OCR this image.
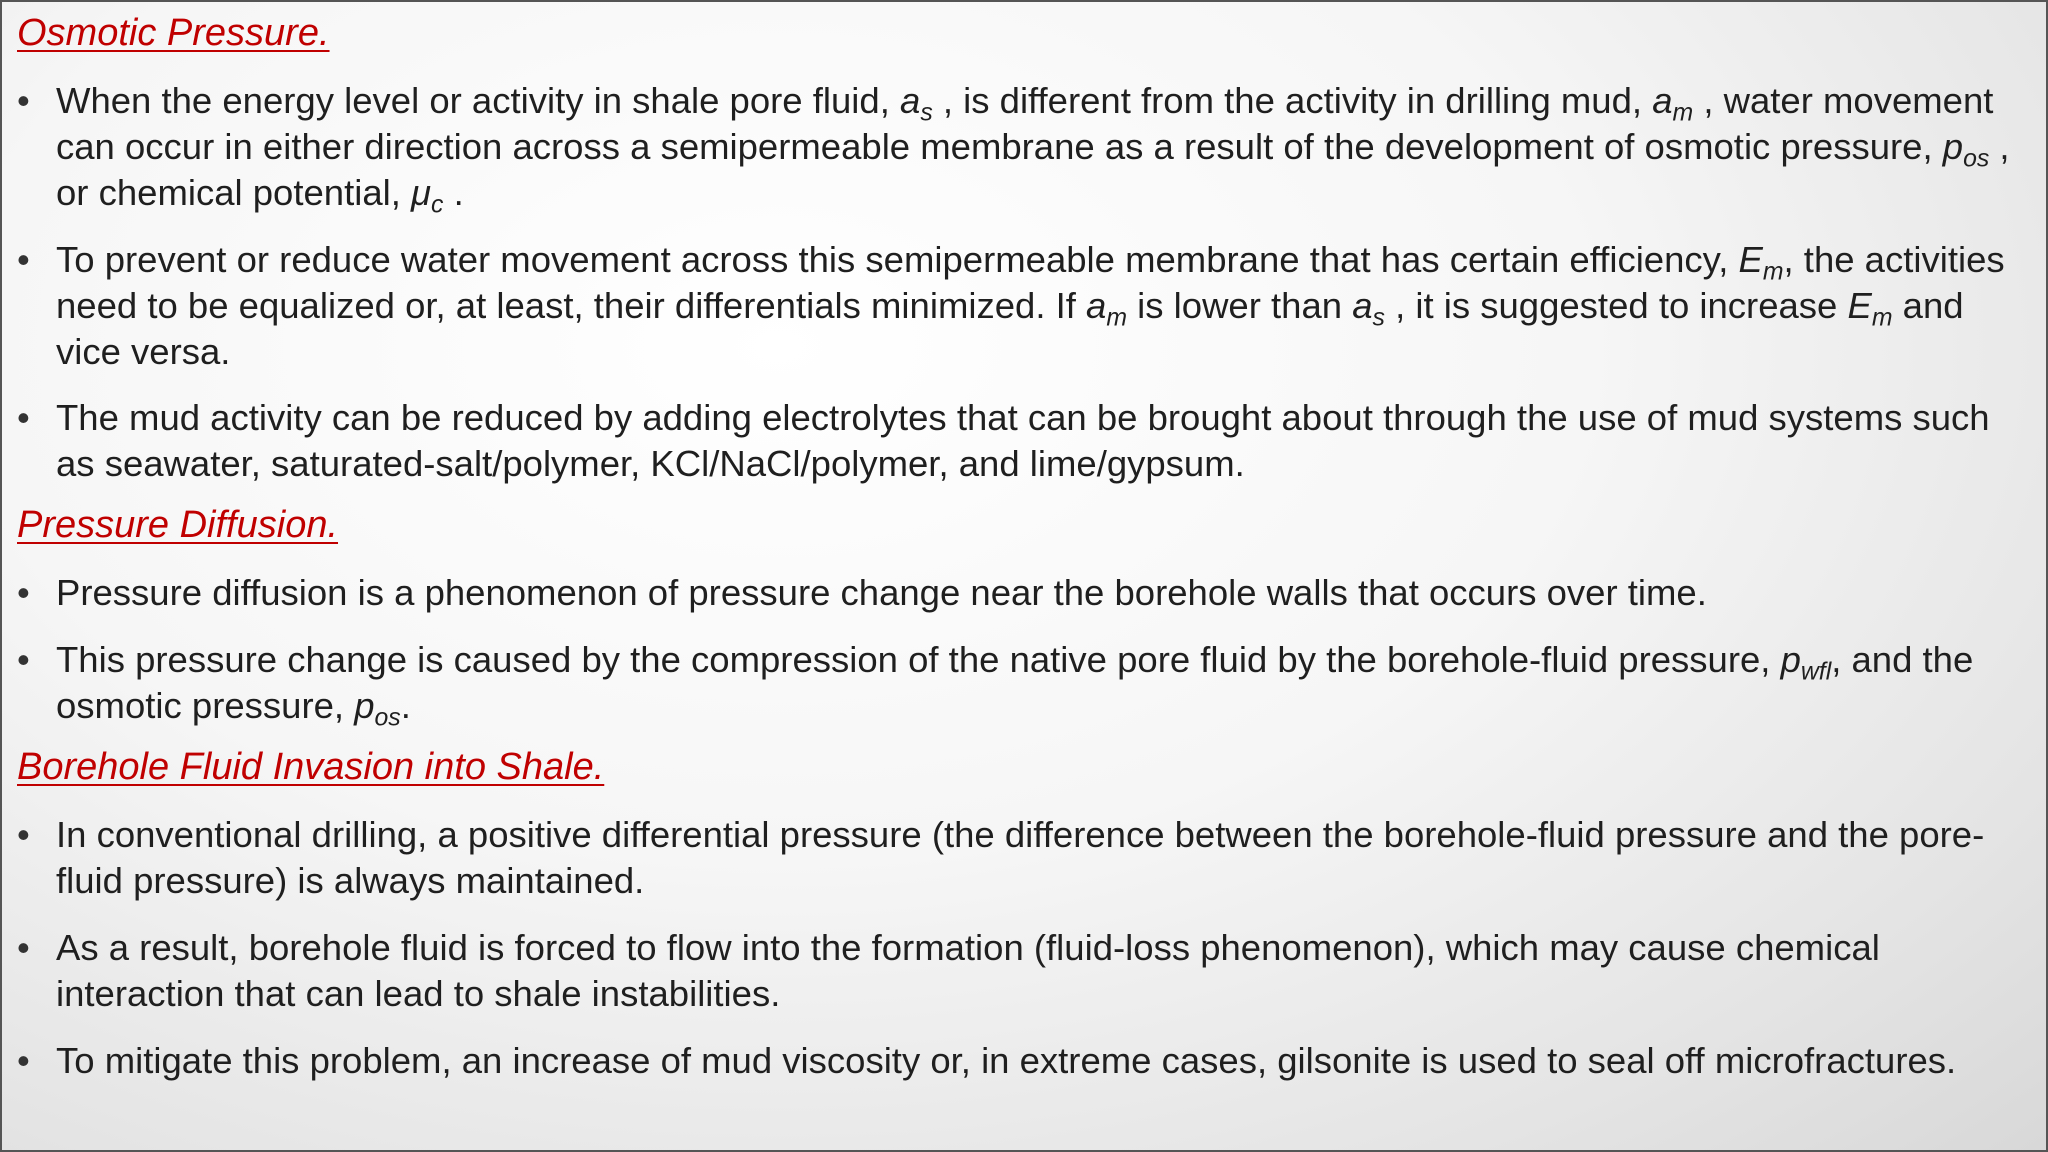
Osmotic Pressure.
• When the energy level or activity in shale pore fluid, $a_s$ , is different from the activity in drilling mud, $a_m$ , water movement can occur in either direction across a semipermeable membrane as a result of the development of osmotic pressure, $p_{os}$ , or chemical potential, $\mu_c$ .
• To prevent or reduce water movement across this semipermeable membrane that has certain efficiency, $E_m$, the activities need to be equalized or, at least, their differentials minimized. If $a_m$ is lower than $a_s$ , it is suggested to increase $E_m$ and vice versa.
• The mud activity can be reduced by adding electrolytes that can be brought about through the use of mud systems such as seawater, saturated-salt/polymer, KCl/NaCl/polymer, and lime/gypsum.
Pressure Diffusion.
• Pressure diffusion is a phenomenon of pressure change near the borehole walls that occurs over time.
• This pressure change is caused by the compression of the native pore fluid by the borehole-fluid pressure, $p_{wfl}$, and the osmotic pressure, $p_{os}$.
Borehole Fluid Invasion into Shale.
• In conventional drilling, a positive differential pressure (the difference between the borehole-fluid pressure and the pore-fluid pressure) is always maintained.
• As a result, borehole fluid is forced to flow into the formation (fluid-loss phenomenon), which may cause chemical interaction that can lead to shale instabilities.
• To mitigate this problem, an increase of mud viscosity or, in extreme cases, gilsonite is used to seal off microfractures.
